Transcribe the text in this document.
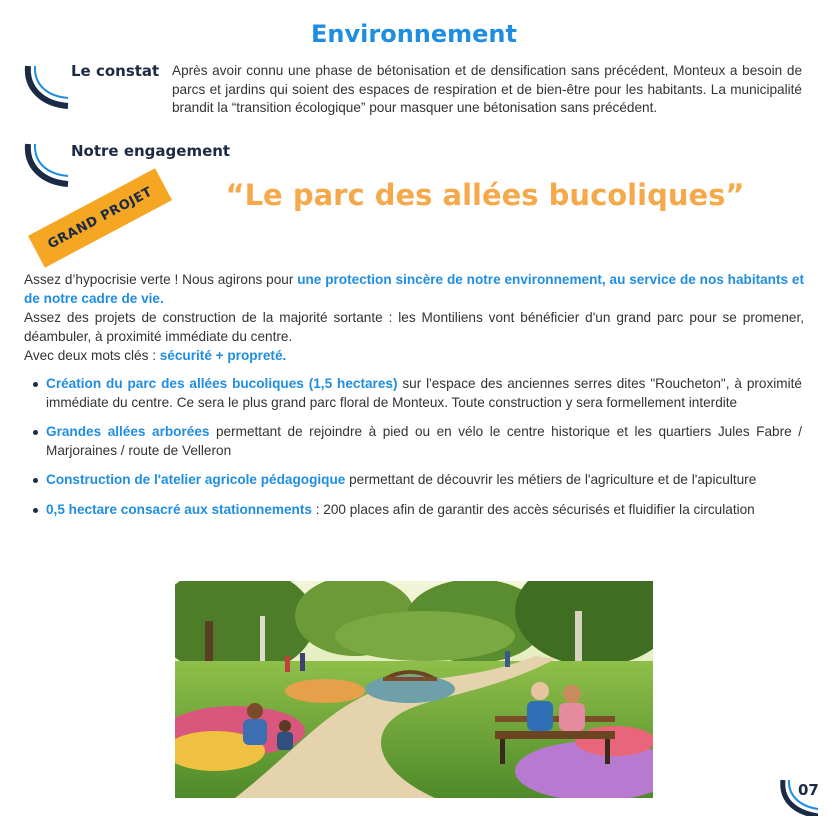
Environnement
Le constat Après avoir connu une phase de bétonisation et de densification sans précédent, Monteux a besoin de parcs et jardins qui soient des espaces de respiration et de bien-être pour les habitants. La municipalité brandit la “transition écologique” pour masquer une bétonisation sans précédent.
Notre engagement
GRAND PROJET	“Le parc des allées bucoliques”

Assez d’hypocrisie verte ! Nous agirons pour une protection sincère de notre environnement, au service de nos habitants et de notre cadre de vie.

Assez des projets de construction de la majorité sortante : les Montiliens vont bénéficier d'un grand parc pour se promener, déambuler, à proximité immédiate du centre.

Avec deux mots clés : sécurité + propreté.

Création du parc des allées bucoliques (1,5 hectares) sur l'espace des anciennes serres dites "Roucheton", à proximité immédiate du centre. Ce sera le plus grand parc floral de Monteux. Toute construction y sera formellement interdite
Grandes allées arborées permettant de rejoindre à pied ou en vélo le centre historique et les quartiers Jules Fabre / Marjoraines / route de Velleron
Construction de l'atelier agricole pédagogique permettant de découvrir les métiers de l'agriculture et de l'apiculture
0,5 hectare consacré aux stationnements : 200 places afin de garantir des accès sécurisés et fluidifier la circulation
07
